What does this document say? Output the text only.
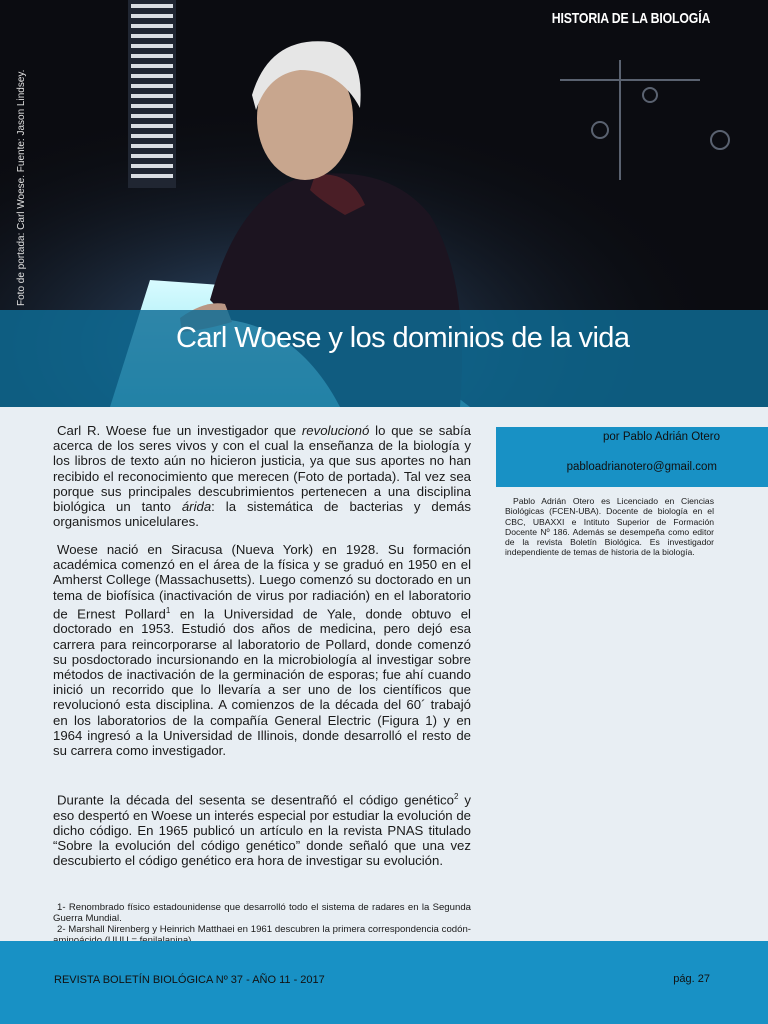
HISTORIA DE LA BIOLOGÍA
Foto de portada: Carl Woese. Fuente: Jason Lindsey.
Carl Woese y los dominios de la vida

Carl R. Woese fue un investigador que revolucionó lo que se sabía acerca de los seres vivos y con el cual la enseñanza de la biología y los libros de texto aún no hicieron justicia, ya que sus aportes no han recibido el reconocimiento que merecen (Foto de portada). Tal vez sea porque sus principales descubrimientos pertenecen a una disciplina biológica un tanto árida: la sistemática de bacterias y demás organismos unicelulares.

Woese nació en Siracusa (Nueva York) en 1928. Su formación académica comenzó en el área de la física y se graduó en 1950 en el Amherst College (Massachusetts). Luego comenzó su doctorado en un tema de biofísica (inactivación de virus por radiación) en el laboratorio de Ernest Pollard$^1$ en la Universidad de Yale, donde obtuvo el doctorado en 1953. Estudió dos años de medicina, pero dejó esa carrera para reincorporarse al laboratorio de Pollard, donde comenzó su posdoctorado incursionando en la microbiología al investigar sobre métodos de inactivación de la germinación de esporas; fue ahí cuando inició un recorrido que lo llevaría a ser uno de los científicos que revolucionó esta disciplina. A comienzos de la década del 60´ trabajó en los laboratorios de la compañía General Electric (Figura 1) y en 1964 ingresó a la Universidad de Illinois, donde desarrolló el resto de su carrera como investigador.

Durante la década del sesenta se desentrañó el código genético$^2$ y eso despertó en Woese un interés especial por estudiar la evolución de dicho código. En 1965 publicó un artículo en la revista PNAS titulado “Sobre la evolución del código genético” donde señaló que una vez descubierto el código genético era hora de investigar su evolución.

1- Renombrado físico estadounidense que desarrolló todo el sistema de radares en la Segunda Guerra Mundial.

2- Marshall Nirenberg y Heinrich Matthaei en 1961 descubren la primera correspondencia codón-

por Pablo Adrián Otero
pabloadrianotero@gmail.com
Pablo Adrián Otero es Licenciado en Ciencias Biológicas (FCEN-UBA). Docente de biología en el CBC, UBAXXI e Intituto Superior de Formación Docente Nº 186. Además se desempeña como editor de la revista Boletín Biológica. Es investigador independiente de temas de historia de la biología.
REVISTA BOLETÍN BIOLÓGICA Nº 37 - AÑO 11 - 2017	pág. 27
